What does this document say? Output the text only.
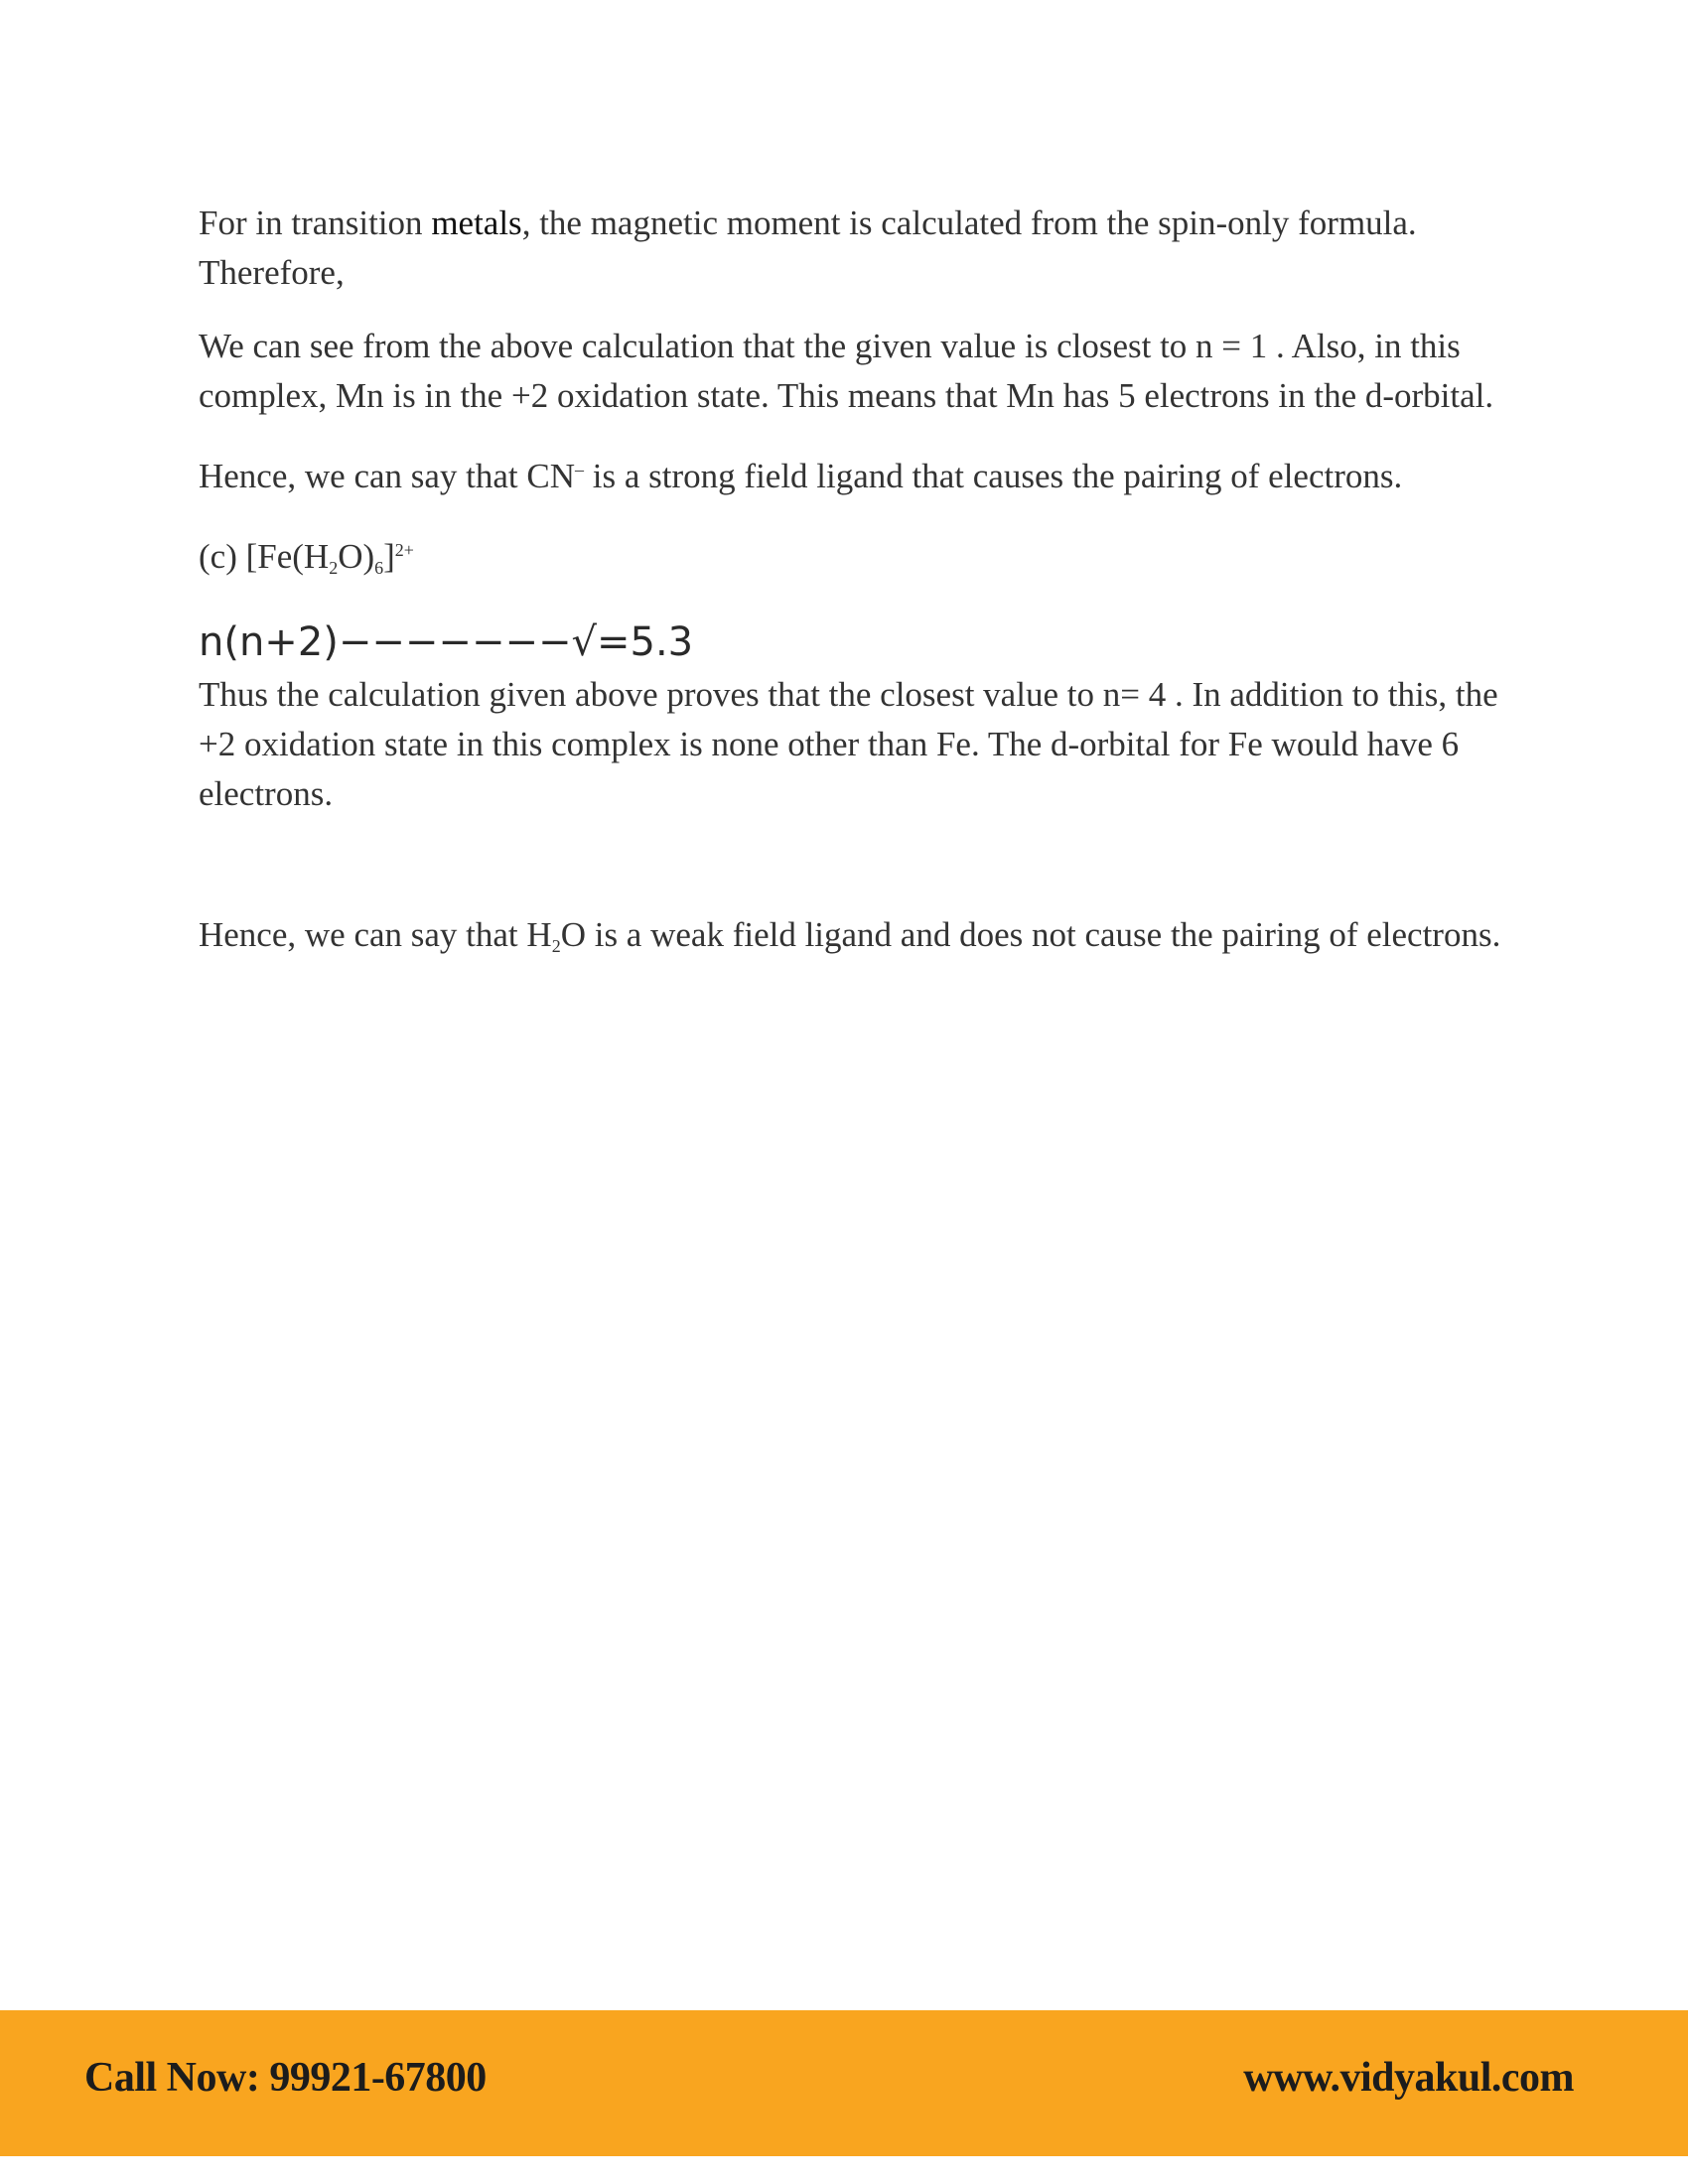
For in transition metals, the magnetic moment is calculated from the spin-only formula.

Therefore,

We can see from the above calculation that the given value is closest to n = 1 . Also, in this complex, Mn is in the +2 oxidation state. This means that Mn has 5 electrons in the d-orbital.

Hence, we can say that CN– is a strong field ligand that causes the pairing of electrons.

(c) $[Fe(H2O)6]^{2+}$

n(n+2)−−−−−−−√=5.3

Thus the calculation given above proves that the closest value to n= 4 . In addition to this, the +2 oxidation state in this complex is none other than Fe. The d-orbital for Fe would have 6 electrons.

Hence, we can say that H2O is a weak field ligand and does not cause the pairing of electrons.

Call Now: 99921-67800	www.vidyakul.com
